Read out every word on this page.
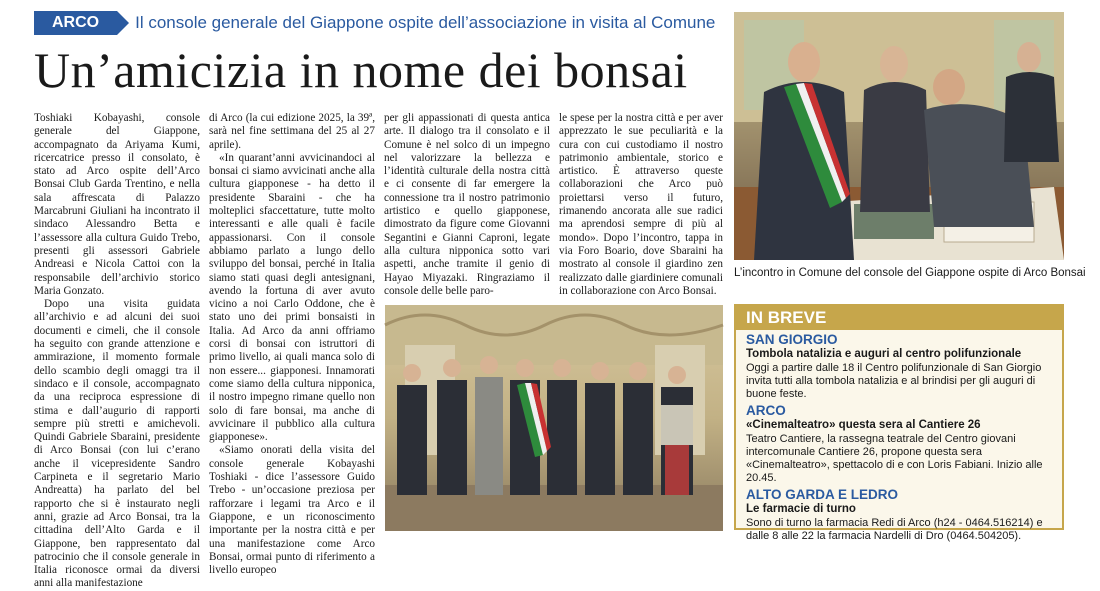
ARCO	Il console generale del Giappone ospite dell’associazione in visita al Comune
Un’amicizia in nome dei bonsai

Toshiaki Kobayashi, console generale del Giappone, accompagnato da Ariyama Kumi, ricercatrice presso il consolato, è stato ad Arco ospite dell’Arco Bonsai Club Garda Trentino, e nella sala affrescata di Palazzo Marcabruni Giuliani ha incontrato il sindaco Alessandro Betta e l’assessore alla cultura Guido Trebo, presenti gli assessori Gabriele Andreasi e Nicola Cattoi con la responsabile dell’archivio storico Maria Gonzato.

Dopo una visita guidata all’archivio e ad alcuni dei suoi documenti e cimeli, che il console ha seguito con grande attenzione e ammirazione, il momento formale dello scambio degli omaggi tra il sindaco e il console, accompagnato da una reciproca espressione di stima e dall’augurio di rapporti sempre più stretti e amichevoli. Quindi Gabriele Sbaraini, presidente di Arco Bonsai (con lui c’erano anche il vicepresidente Sandro Carpineta e il segretario Mario Andreatta) ha parlato del bel rapporto che si è instaurato negli anni, grazie ad Arco Bonsai, tra la cittadina dell’Alto Garda e il Giappone, ben rappresentato dal patrocinio che il console generale in Italia riconosce ormai da diversi anni alla manifestazione

di Arco (la cui edizione 2025, la 39ª, sarà nel fine settimana del 25 al 27 aprile).

«In quarant’anni avvicinandoci al bonsai ci siamo avvicinati anche alla cultura giapponese - ha detto il presidente Sbaraini - che ha molteplici sfaccettature, tutte molto interessanti e alle quali è facile appassionarsi. Con il console abbiamo parlato a lungo dello sviluppo del bonsai, perché in Italia siamo stati quasi degli antesignani, avendo la fortuna di aver avuto vicino a noi Carlo Oddone, che è stato uno dei primi bonsaisti in Italia. Ad Arco da anni offriamo corsi di bonsai con istruttori di primo livello, ai quali manca solo di non essere... giapponesi. Innamorati come siamo della cultura nipponica, il nostro impegno rimane quello non solo di fare bonsai, ma anche di avvicinare il pubblico alla cultura giapponese».

«Siamo onorati della visita del console generale Kobayashi Toshiaki - dice l’assessore Guido Trebo - un’occasione preziosa per rafforzare i legami tra Arco e il Giappone, e un riconoscimento importante per la nostra città e per una manifestazione come Arco Bonsai, ormai punto di riferimento a livello europeo

per gli appassionati di questa antica arte. Il dialogo tra il consolato e il Comune è nel solco di un impegno nel valorizzare la bellezza e l’identità culturale della nostra città e ci consente di far emergere la connessione tra il nostro patrimonio artistico e quello giapponese, dimostrato da figure come Giovanni Segantini e Gianni Caproni, legate alla cultura nipponica sotto vari aspetti, anche tramite il genio di Hayao Miyazaki. Ringraziamo il console delle belle paro-

le spese per la nostra città e per aver apprezzato le sue peculiarità e la cura con cui custodiamo il nostro patrimonio ambientale, storico e artistico. È attraverso queste collaborazioni che Arco può proiettarsi verso il futuro, rimanendo ancorata alle sue radici ma aprendosi sempre di più al mondo». Dopo l’incontro, tappa in via Foro Boario, dove Sbaraini ha mostrato al console il giardino zen realizzato dalle giardiniere comunali in collaborazione con Arco Bonsai.

L’incontro in Comune del console del Giappone ospite di Arco Bonsai
IN BREVE
SAN GIORGIO
Tombola natalizia e auguri al centro polifunzionale
Oggi a partire dalle 18 il Centro polifunzionale di San Giorgio invita tutti alla tombola natalizia e al brindisi per gli auguri di buone feste.
ARCO
«Cinemalteatro» questa sera al Cantiere 26
Teatro Cantiere, la rassegna teatrale del Centro giovani intercomunale Cantiere 26, propone questa sera «Cinemalteatro», spettacolo di e con Loris Fabiani. Inizio alle 20.45.
ALTO GARDA E LEDRO
Le farmacie di turno
Sono di turno la farmacia Redi di Arco (h24 - 0464.516214) e dalle 8 alle 22 la farmacia Nardelli di Dro (0464.504205).
